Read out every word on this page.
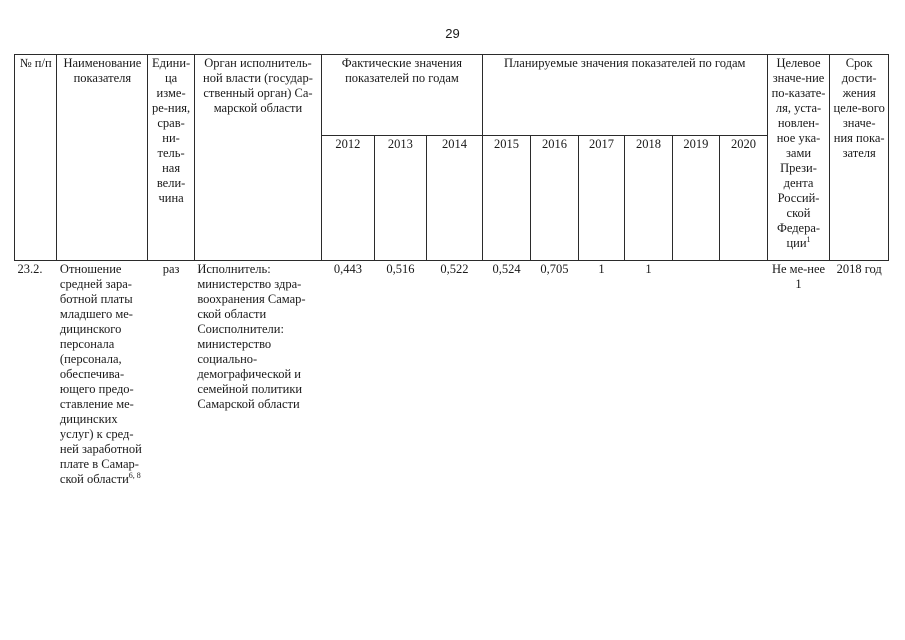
29
№ п/п	Наименование показателя	Едини-ца изме-ре-ния, срав-ни-тель-ная вели-чина	Орган исполнитель-ной власти (государ-ственный орган) Са-марской области	Фактические значения показателей по годам			Планируемые значения показателей по годам						Целевое значе-ние по-казате-ля, уста-новлен-ное ука-зами Прези-дента Россий-ской Федера-ции$^1$	Срок дости-жения целе-вого значе-ния пока-зателя
				2012	2013	2014	2015	2016	2017	2018	2019	2020		
23.2.	Отношение средней зара-ботной платы младшего ме-дицинского персонала (персонала, обеспечива-ющего предо-ставление ме-дицинских услуг) к сред-ней заработной плате в Самар-ской области$^{6, 8}$	раз	Исполнитель: министерство здра-воохранения Самар-ской области Соисполнители: министерство социально-демографической и семейной политики Самарской области	0,443	0,516	0,522	0,524	0,705	1	1			Не ме-нее 1	2018 год
